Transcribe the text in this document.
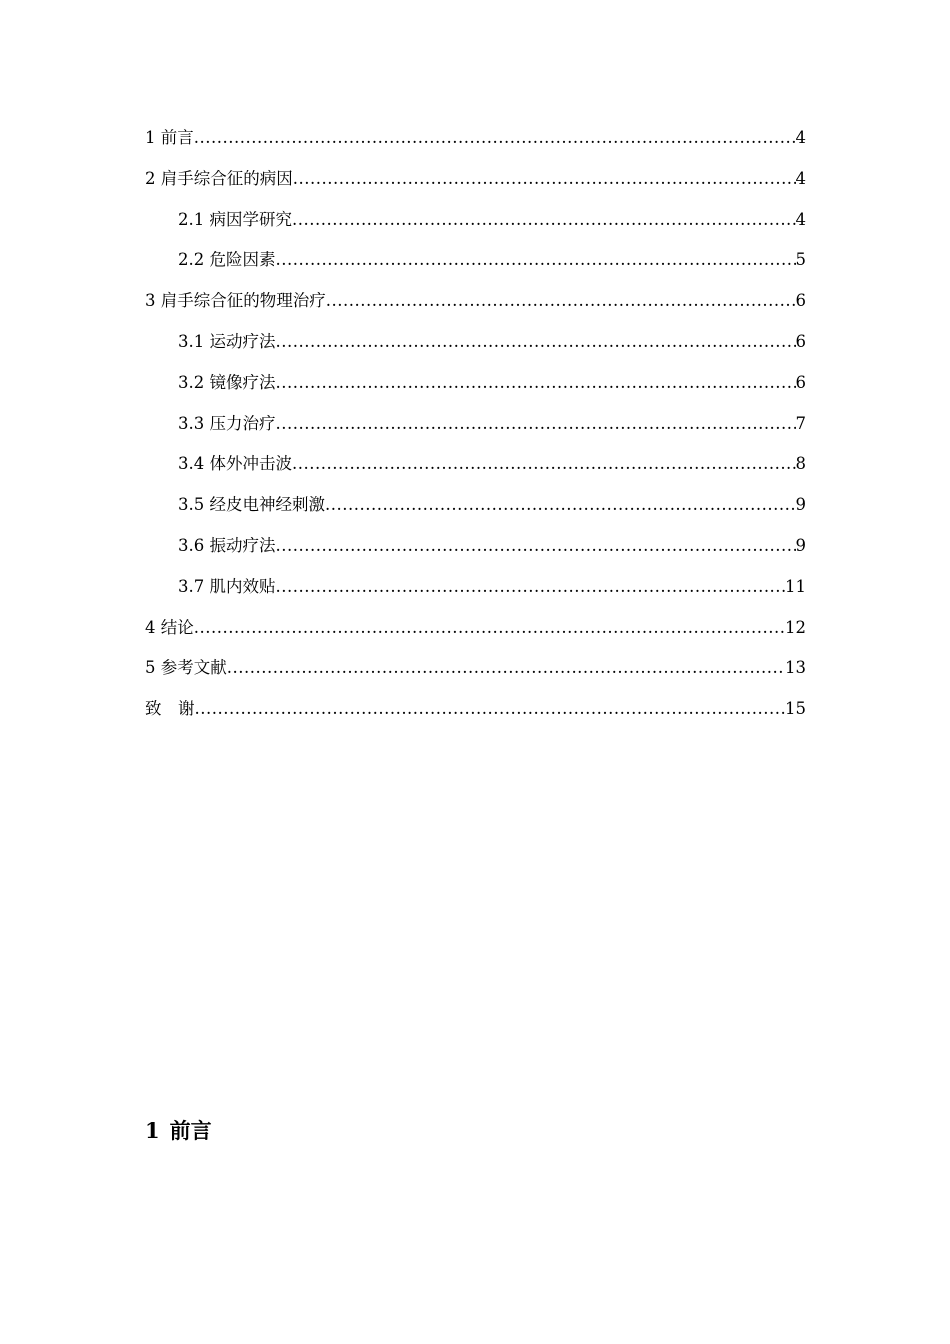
1 前言 .....	4
2 肩手综合征的病因 .....	4
2.1 病因学研究 .....	4
2.2 危险因素 .....	5
3 肩手综合征的物理治疗 .....	6
3.1 运动疗法 .....	6
3.2 镜像疗法 .....	6
3.3 压力治疗 .....	7
3.4 体外冲击波 .....	8
3.5 经皮电神经刺激 .....	9
3.6 振动疗法 .....	9
3.7 肌内效贴 .....	11
4 结论 .....	12
5 参考文献 .....	13
致　谢 .....	15
1 前言
